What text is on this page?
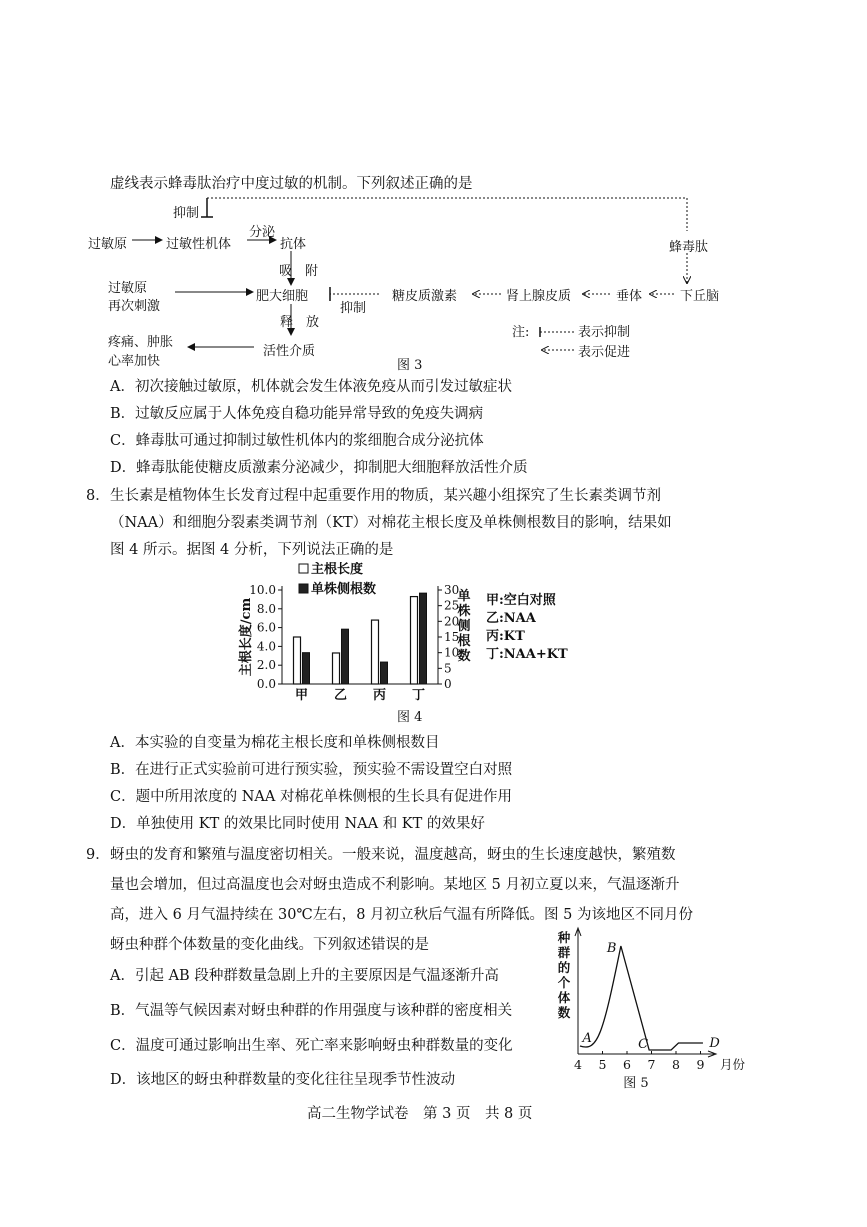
虚线表示蜂毒肽治疗中度过敏的机制。下列叙述正确的是
抑制
过敏原	过敏性机体
分泌
抗体
吸　附
过敏原
再次刺激
肥大细胞
抑制
糖皮质激素	肾上腺皮质	垂体	下丘脑
蜂毒肽
释　放
疼痛、肿胀
心率加快
活性介质
注:	表示抑制
表示促进
图 3
A．初次接触过敏原，机体就会发生体液免疫从而引发过敏症状
B．过敏反应属于人体免疫自稳功能异常导致的免疫失调病
C．蜂毒肽可通过抑制过敏性机体内的浆细胞合成分泌抗体
D．蜂毒肽能使糖皮质激素分泌减少，抑制肥大细胞释放活性介质
8． 生长素是植物体生长发育过程中起重要作用的物质，某兴趣小组探究了生长素类调节剂
（NAA）和细胞分裂素类调节剂（KT）对棉花主根长度及单株侧根数目的影响，结果如
图 4 所示。据图 4 分析，下列说法正确的是
0.0
2.0
4.0
6.0
8.0
10.0
0
5
10
15
20
25
30
主根长度/cm
单
株
侧
根
数
主根长度
单株侧根数
甲 乙 丙 丁
甲:空白对照
乙:NAA
丙:KT
丁:NAA+KT
图 4
A．本实验的自变量为棉花主根长度和单株侧根数目
B．在进行正式实验前可进行预实验，预实验不需设置空白对照
C．题中所用浓度的 NAA 对棉花单株侧根的生长具有促进作用
D．单独使用 KT 的效果比同时使用 NAA 和 KT 的效果好
9． 蚜虫的发育和繁殖与温度密切相关。一般来说，温度越高，蚜虫的生长速度越快，繁殖数
量也会增加，但过高温度也会对蚜虫造成不利影响。某地区 5 月初立夏以来，气温逐渐升
高，进入 6 月气温持续在 30℃左右，8 月初立秋后气温有所降低。图 5 为该地区不同月份
蚜虫种群个体数量的变化曲线。下列叙述错误的是
A．引起 AB 段种群数量急剧上升的主要原因是气温逐渐升高
B．气温等气候因素对蚜虫种群的作用强度与该种群的密度相关
C．温度可通过影响出生率、死亡率来影响蚜虫种群数量的变化
D．该地区的蚜虫种群数量的变化往往呈现季节性波动
种
群
的
个
体
数
4 5 6 7 8 9 月份
A
B
C	D
图 5
高二生物学试卷　第 3 页　共 8 页
